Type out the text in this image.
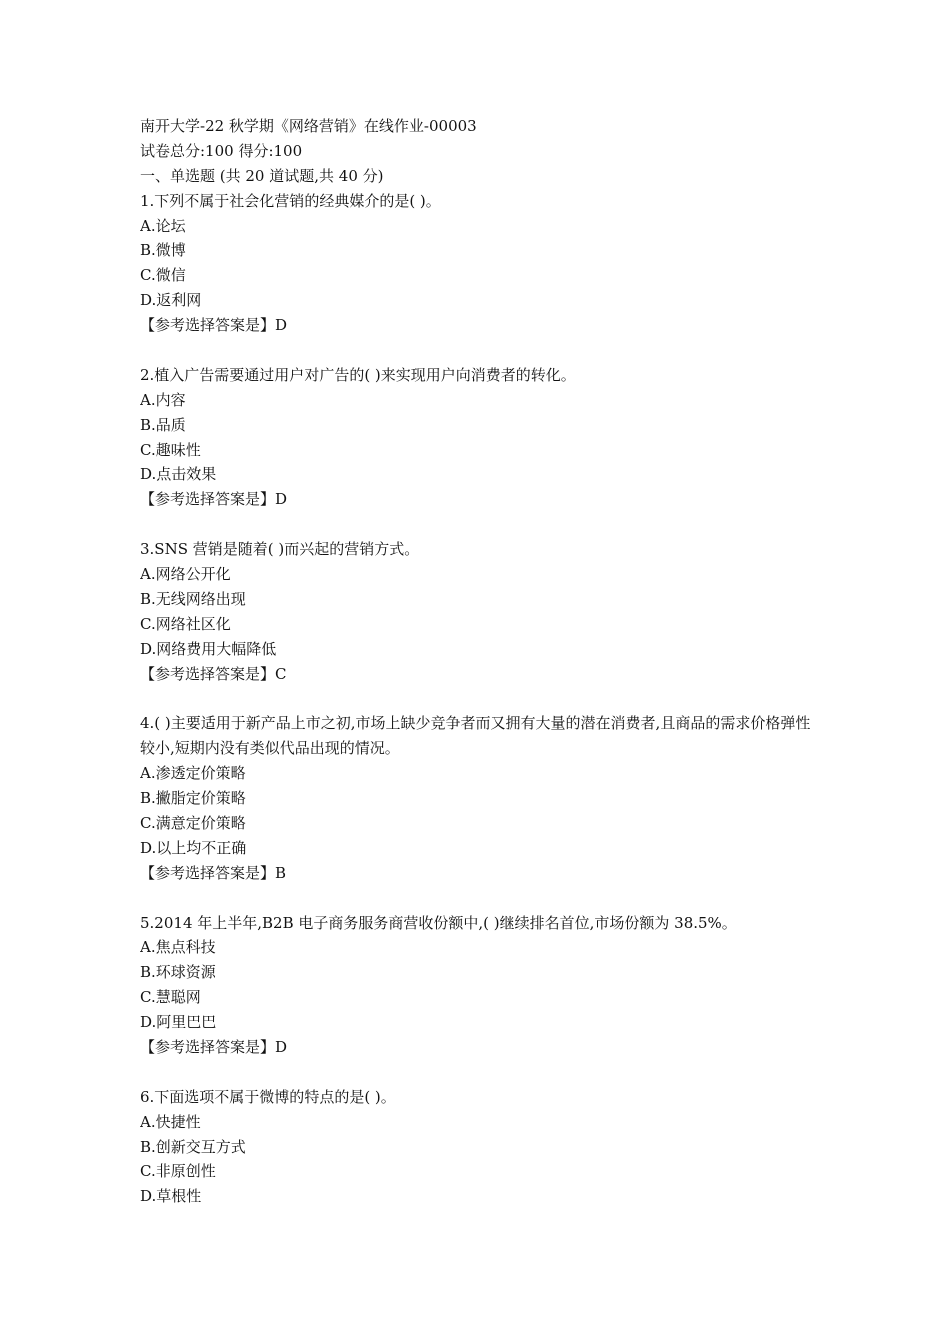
南开大学-22 秋学期《网络营销》在线作业-00003
试卷总分:100 得分:100
一、单选题 (共 20 道试题,共 40 分)
1.下列不属于社会化营销的经典媒介的是( )。
A.论坛
B.微博
C.微信
D.返利网
【参考选择答案是】D
2.植入广告需要通过用户对广告的( )来实现用户向消费者的转化。
A.内容
B.品质
C.趣味性
D.点击效果
【参考选择答案是】D
3.SNS 营销是随着( )而兴起的营销方式。
A.网络公开化
B.无线网络出现
C.网络社区化
D.网络费用大幅降低
【参考选择答案是】C
4.( )主要适用于新产品上市之初,市场上缺少竞争者而又拥有大量的潜在消费者,且商品的需求价格弹性较小,短期内没有类似代品出现的情况。
A.渗透定价策略
B.撇脂定价策略
C.满意定价策略
D.以上均不正确
【参考选择答案是】B
5.2014 年上半年,B2B 电子商务服务商营收份额中,( )继续排名首位,市场份额为 38.5%。
A.焦点科技
B.环球资源
C.慧聪网
D.阿里巴巴
【参考选择答案是】D
6.下面选项不属于微博的特点的是( )。
A.快捷性
B.创新交互方式
C.非原创性
D.草根性
